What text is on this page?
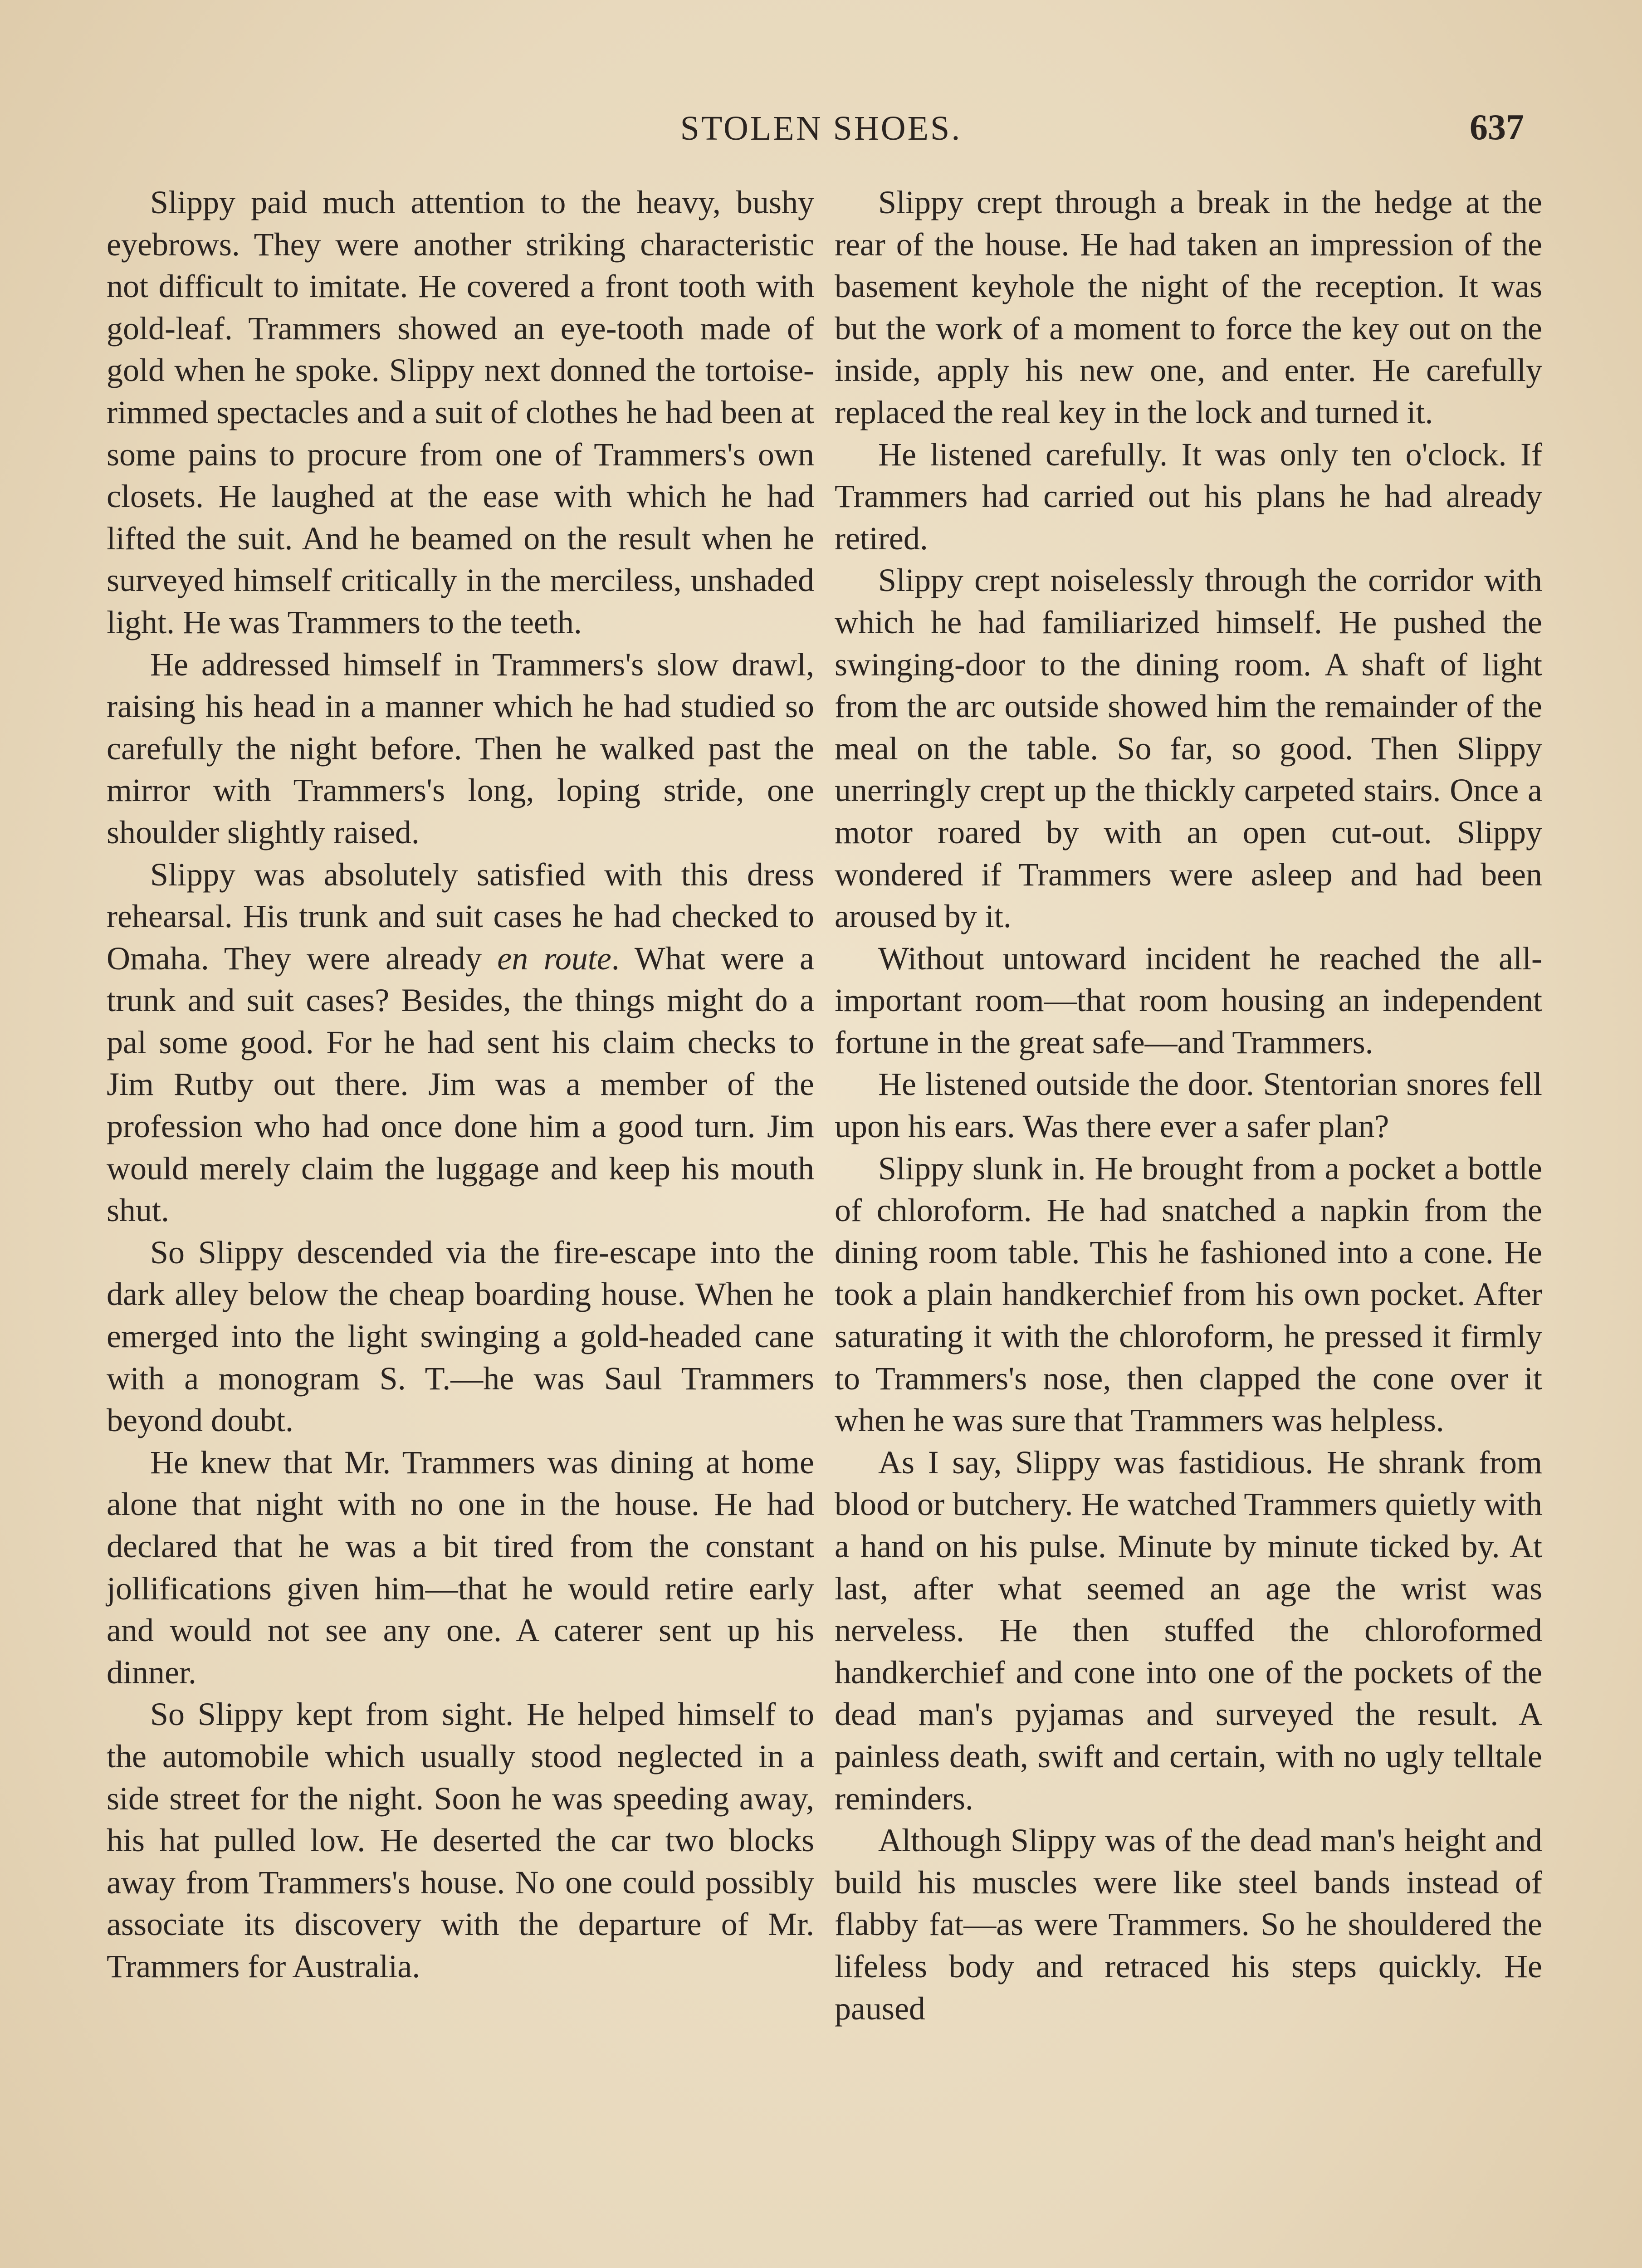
STOLEN SHOES.	637

Slippy paid much attention to the heavy, bushy eyebrows. They were another striking characteristic not difficult to imitate. He covered a front tooth with gold-leaf. Trammers showed an eye-tooth made of gold when he spoke. Slippy next donned the tortoise-rimmed spectacles and a suit of clothes he had been at some pains to procure from one of Trammers's own closets. He laughed at the ease with which he had lifted the suit. And he beamed on the result when he surveyed himself critically in the merciless, unshaded light. He was Trammers to the teeth.

He addressed himself in Trammers's slow drawl, raising his head in a manner which he had studied so carefully the night before. Then he walked past the mirror with Trammers's long, loping stride, one shoulder slightly raised.

Slippy was absolutely satisfied with this dress rehearsal. His trunk and suit cases he had checked to Omaha. They were already en route. What were a trunk and suit cases? Besides, the things might do a pal some good. For he had sent his claim checks to Jim Rutby out there. Jim was a member of the profession who had once done him a good turn. Jim would merely claim the luggage and keep his mouth shut.

So Slippy descended via the fire-escape into the dark alley below the cheap boarding house. When he emerged into the light swinging a gold-headed cane with a monogram S. T.—he was Saul Trammers beyond doubt.

He knew that Mr. Trammers was dining at home alone that night with no one in the house. He had declared that he was a bit tired from the constant jollifications given him—that he would retire early and would not see any one. A caterer sent up his dinner.

So Slippy kept from sight. He helped himself to the automobile which usually stood neglected in a side street for the night. Soon he was speeding away, his hat pulled low. He deserted the car two blocks away from Trammers's house. No one could possibly associate its discovery with the departure of Mr. Trammers for Australia.

Slippy crept through a break in the hedge at the rear of the house. He had taken an impression of the basement keyhole the night of the reception. It was but the work of a moment to force the key out on the inside, apply his new one, and enter. He carefully replaced the real key in the lock and turned it.

He listened carefully. It was only ten o'clock. If Trammers had carried out his plans he had already retired.

Slippy crept noiselessly through the corridor with which he had familiarized himself. He pushed the swinging-door to the dining room. A shaft of light from the arc outside showed him the remainder of the meal on the table. So far, so good. Then Slippy unerringly crept up the thickly carpeted stairs. Once a motor roared by with an open cut-out. Slippy wondered if Trammers were asleep and had been aroused by it.

Without untoward incident he reached the all-important room—that room housing an independent fortune in the great safe—and Trammers.

He listened outside the door. Stentorian snores fell upon his ears. Was there ever a safer plan?

Slippy slunk in. He brought from a pocket a bottle of chloroform. He had snatched a napkin from the dining room table. This he fashioned into a cone. He took a plain handkerchief from his own pocket. After saturating it with the chloroform, he pressed it firmly to Trammers's nose, then clapped the cone over it when he was sure that Trammers was helpless.

As I say, Slippy was fastidious. He shrank from blood or butchery. He watched Trammers quietly with a hand on his pulse. Minute by minute ticked by. At last, after what seemed an age the wrist was nerveless. He then stuffed the chloroformed handkerchief and cone into one of the pockets of the dead man's pyjamas and surveyed the result. A painless death, swift and certain, with no ugly telltale reminders.

Although Slippy was of the dead man's height and build his muscles were like steel bands instead of flabby fat—as were Trammers. So he shouldered the lifeless body and retraced his steps quickly. He paused
